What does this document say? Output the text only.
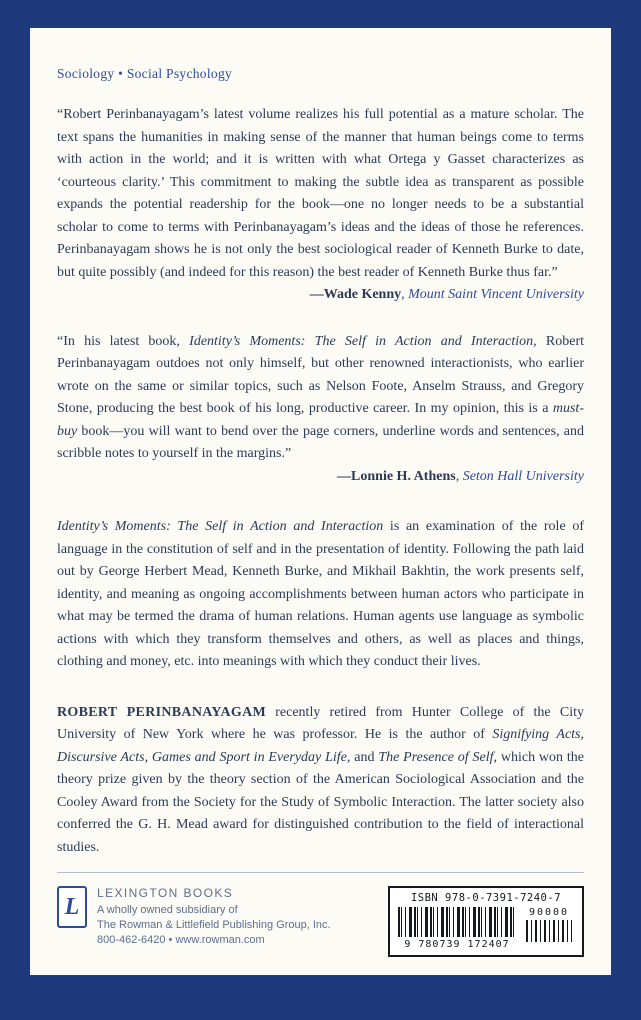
Sociology • Social Psychology

“Robert Perinbanayagam’s latest volume realizes his full potential as a mature scholar. The text spans the humanities in making sense of the manner that human beings come to terms with action in the world; and it is written with what Ortega y Gasset characterizes as ‘courteous clarity.’ This commitment to making the subtle idea as transparent as possible expands the potential readership for the book—one no longer needs to be a substantial scholar to come to terms with Perinbanayagam’s ideas and the ideas of those he references. Perinbanayagam shows he is not only the best sociological reader of Kenneth Burke to date, but quite possibly (and indeed for this reason) the best reader of Kenneth Burke thus far.”
—Wade Kenny, Mount Saint Vincent University

“In his latest book, Identity’s Moments: The Self in Action and Interaction, Robert Perinbanayagam outdoes not only himself, but other renowned interactionists, who earlier wrote on the same or similar topics, such as Nelson Foote, Anselm Strauss, and Gregory Stone, producing the best book of his long, productive career. In my opinion, this is a must-buy book—you will want to bend over the page corners, underline words and sentences, and scribble notes to yourself in the margins.”

—Lonnie H. Athens, Seton Hall University

Identity’s Moments: The Self in Action and Interaction is an examination of the role of language in the constitution of self and in the presentation of identity. Following the path laid out by George Herbert Mead, Kenneth Burke, and Mikhail Bakhtin, the work presents self, identity, and meaning as ongoing accomplishments between human actors who participate in what may be termed the drama of human relations. Human agents use language as symbolic actions with which they transform themselves and others, as well as places and things, clothing and money, etc. into meanings with which they conduct their lives.

ROBERT PERINBANAYAGAM recently retired from Hunter College of the City University of New York where he was professor. He is the author of Signifying Acts, Discursive Acts, Games and Sport in Everyday Life, and The Presence of Self, which won the theory prize given by the theory section of the American Sociological Association and the Cooley Award from the Society for the Study of Symbolic Interaction. The latter society also conferred the G. H. Mead award for distinguished contribution to the field of interactional studies.

L
LEXINGTON BOOKS
A wholly owned subsidiary of
The Rowman & Littlefield Publishing Group, Inc.
800-462-6420 • www.rowman.com
ISBN 978-0-7391-7240-7
9 780739 172407
90000
